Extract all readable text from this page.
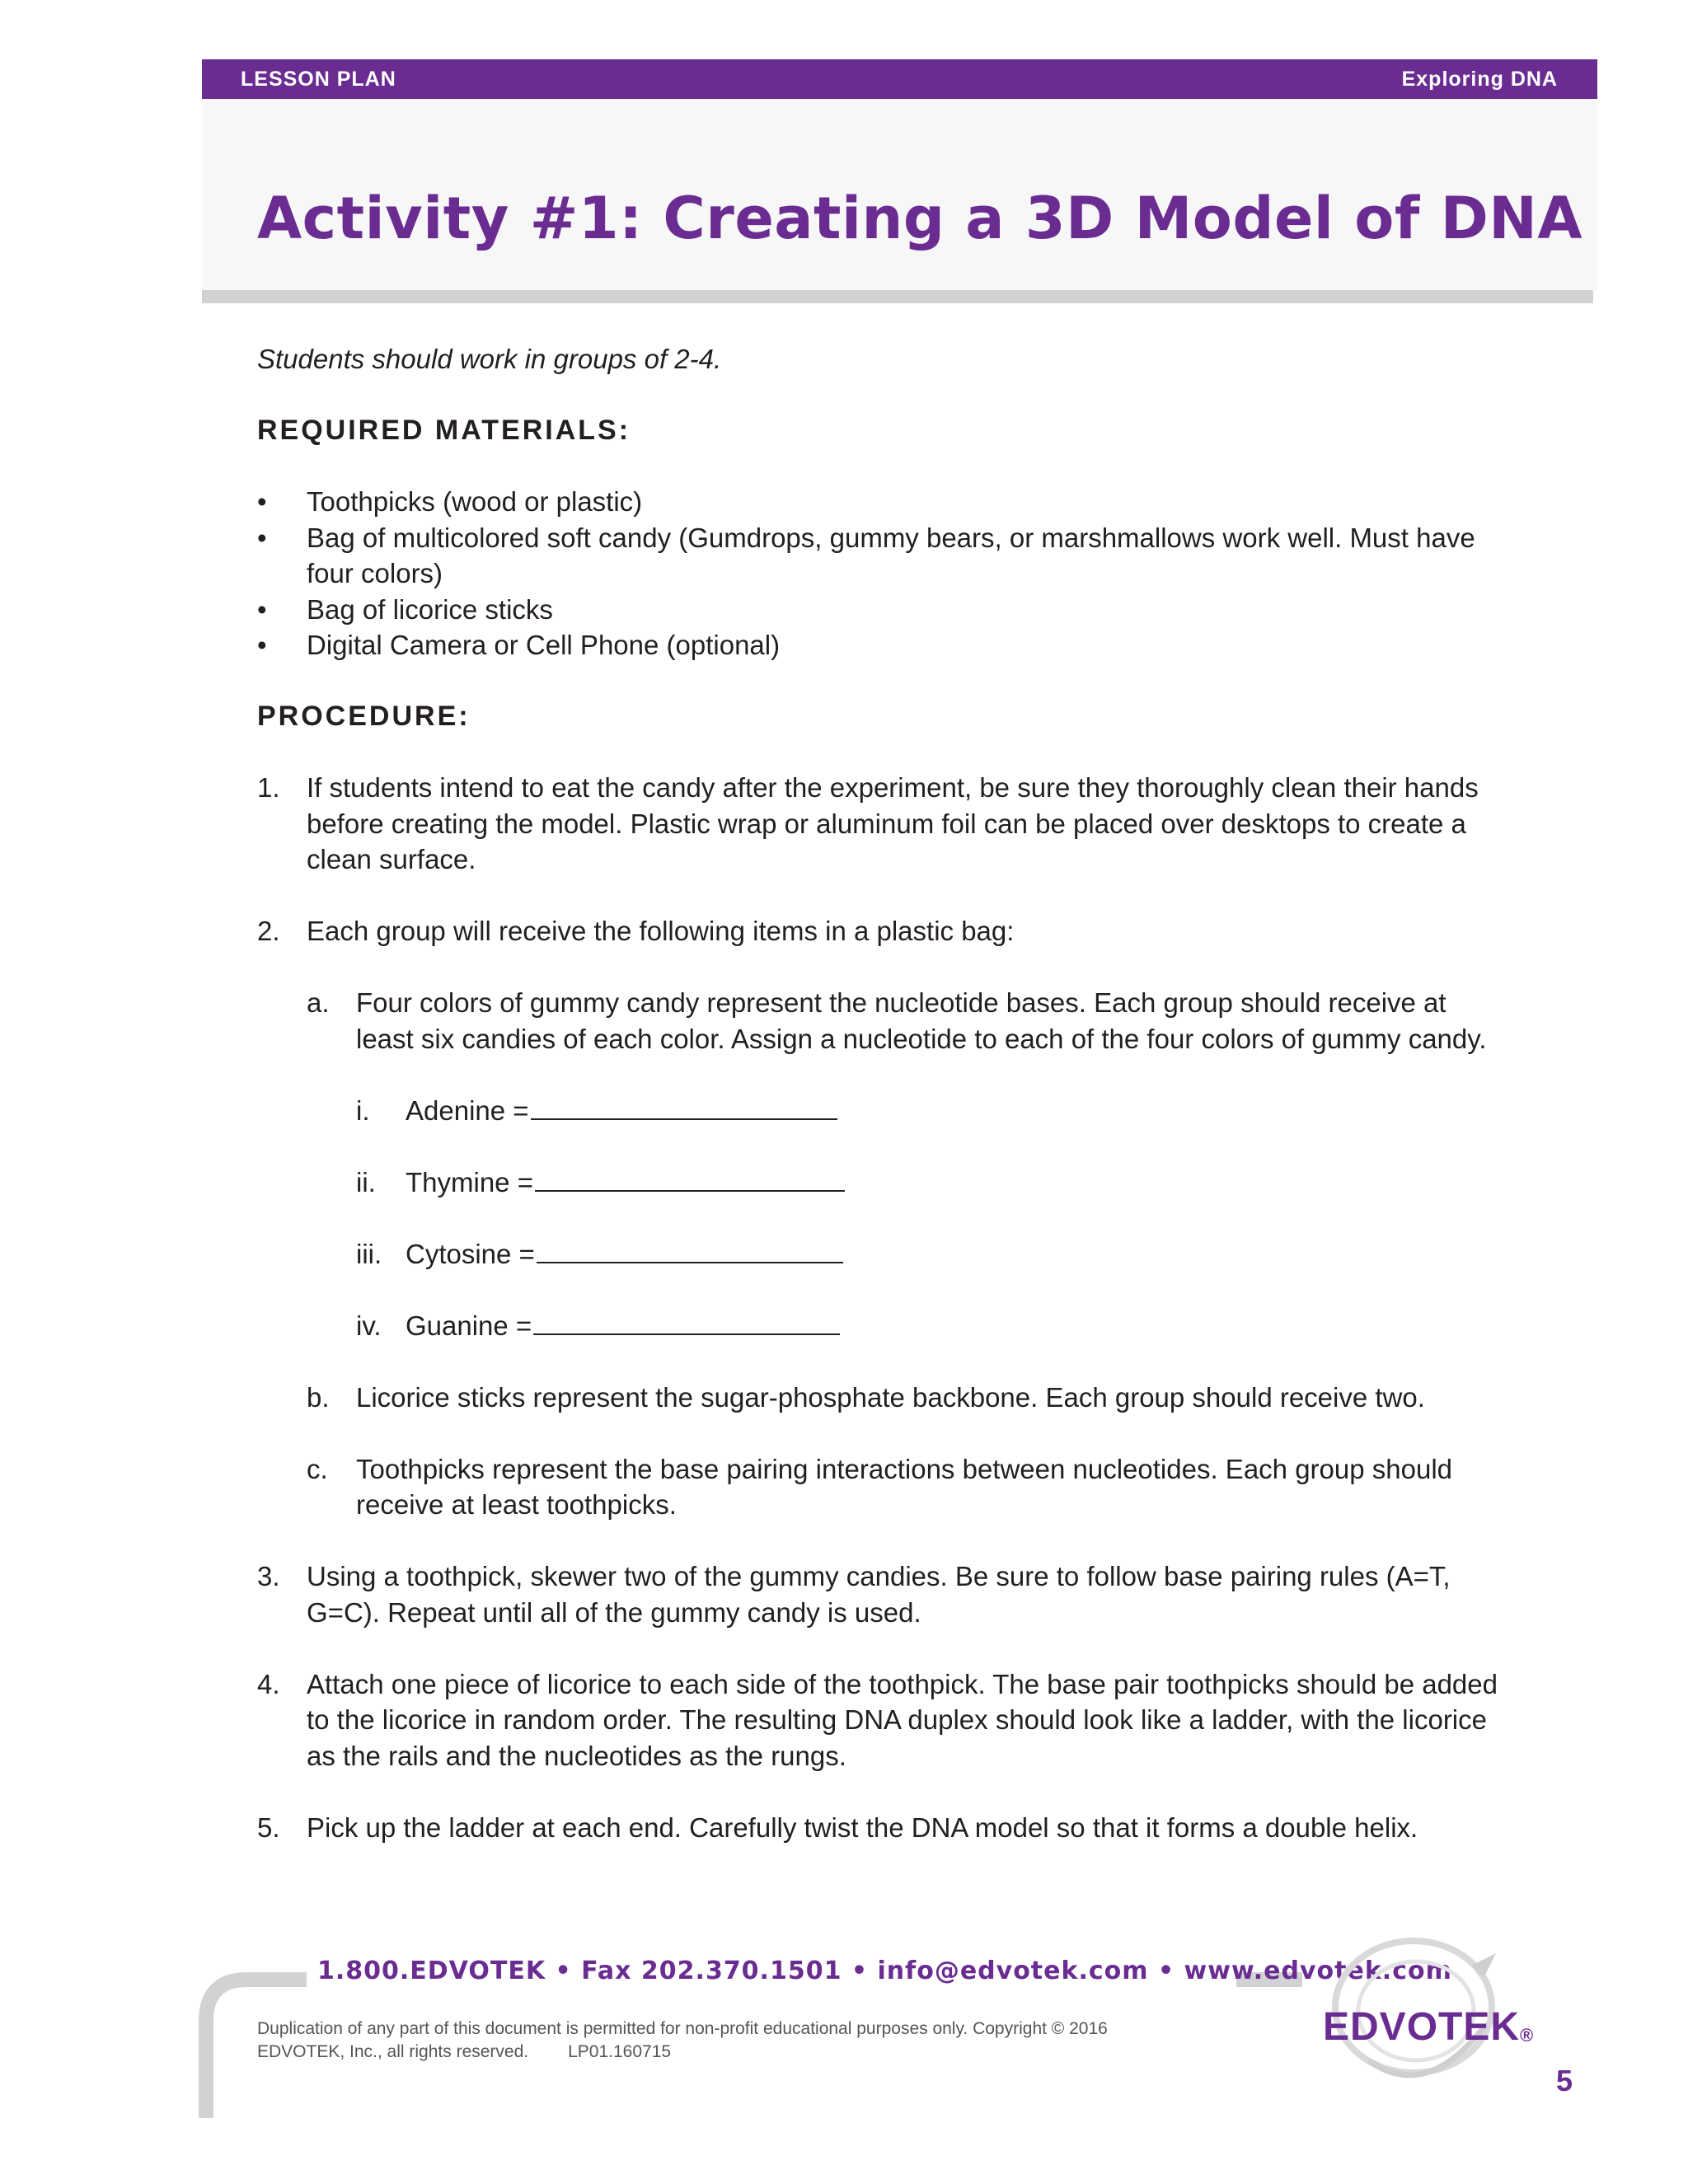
LESSON PLAN	Exploring DNA
Activity #1: Creating a 3D Model of DNA

Students should work in groups of 2-4.

REQUIRED MATERIALS:
• Toothpicks (wood or plastic)
• Bag of multicolored soft candy (Gumdrops, gummy bears, or marshmallows work well. Must have four colors)
• Bag of licorice sticks
• Digital Camera or Cell Phone (optional)
PROCEDURE:
1. If students intend to eat the candy after the experiment, be sure they thoroughly clean their hands before creating the model. Plastic wrap or aluminum foil can be placed over desktops to create a clean surface.
2. Each group will receive the following items in a plastic bag:
a. Four colors of gummy candy represent the nucleotide bases. Each group should receive at least six candies of each color. Assign a nucleotide to each of the four colors of gummy candy.
i. Adenine =
ii. Thymine =
iii. Cytosine =
iv. Guanine =
b. Licorice sticks represent the sugar-phosphate backbone. Each group should receive two.
c. Toothpicks represent the base pairing interactions between nucleotides. Each group should receive at least toothpicks.
3. Using a toothpick, skewer two of the gummy candies. Be sure to follow base pairing rules (A=T, G=C). Repeat until all of the gummy candy is used.
4. Attach one piece of licorice to each side of the toothpick. The base pair toothpicks should be added to the licorice in random order. The resulting DNA duplex should look like a ladder, with the licorice as the rails and the nucleotides as the rungs.
5. Pick up the ladder at each end. Carefully twist the DNA model so that it forms a double helix.
1.800.EDVOTEK • Fax 202.370.1501 • info@edvotek.com • www.edvotek.com
Duplication of any part of this document is permitted for non-profit educational purposes only. Copyright © 2016 EDVOTEK, Inc., all rights reserved. LP01.160715
EDVOTEK®
5
